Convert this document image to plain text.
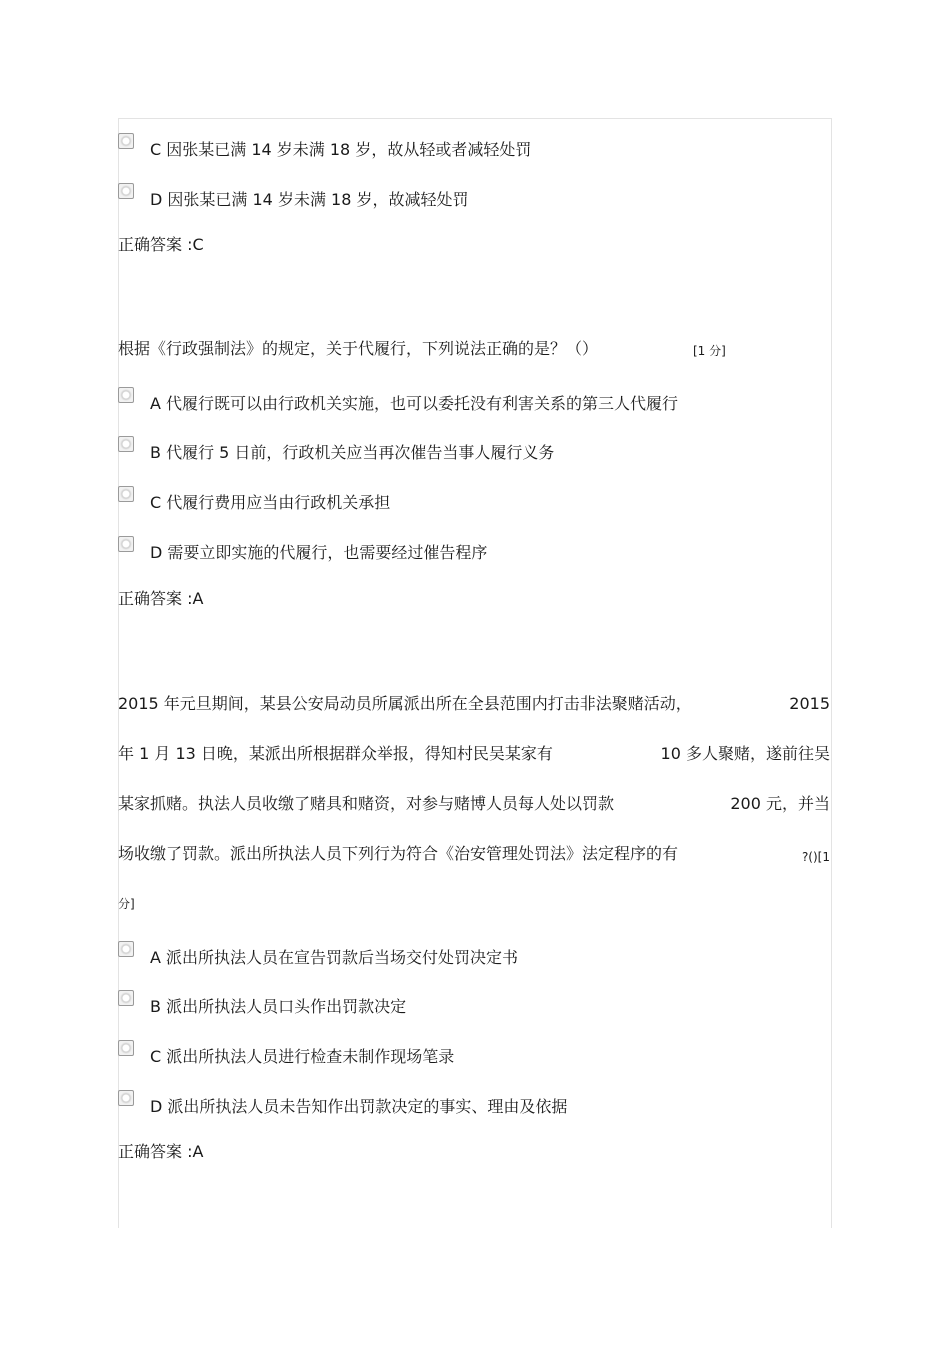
C 因张某已满 14 岁未满 18 岁，故从轻或者减轻处罚
D 因张某已满 14 岁未满 18 岁，故减轻处罚
正确答案 :C
根据《行政强制法》的规定，关于代履行，下列说法正确的是？（）	[1 分]
A 代履行既可以由行政机关实施，也可以委托没有利害关系的第三人代履行
B 代履行 5 日前，行政机关应当再次催告当事人履行义务
C 代履行费用应当由行政机关承担
D 需要立即实施的代履行，也需要经过催告程序
正确答案 :A
2015 年元旦期间，某县公安局动员所属派出所在全县范围内打击非法聚赌活动，	2015
年 1 月 13 日晚，某派出所根据群众举报，得知村民吴某家有	10 多人聚赌，遂前往吴
某家抓赌。执法人员收缴了赌具和赌资，对参与赌博人员每人处以罚款	200 元，并当
场收缴了罚款。派出所执法人员下列行为符合《治安管理处罚法》法定程序的有	?()[1
分]
A 派出所执法人员在宣告罚款后当场交付处罚决定书
B 派出所执法人员口头作出罚款决定
C 派出所执法人员进行检查未制作现场笔录
D 派出所执法人员未告知作出罚款决定的事实、理由及依据
正确答案 :A
